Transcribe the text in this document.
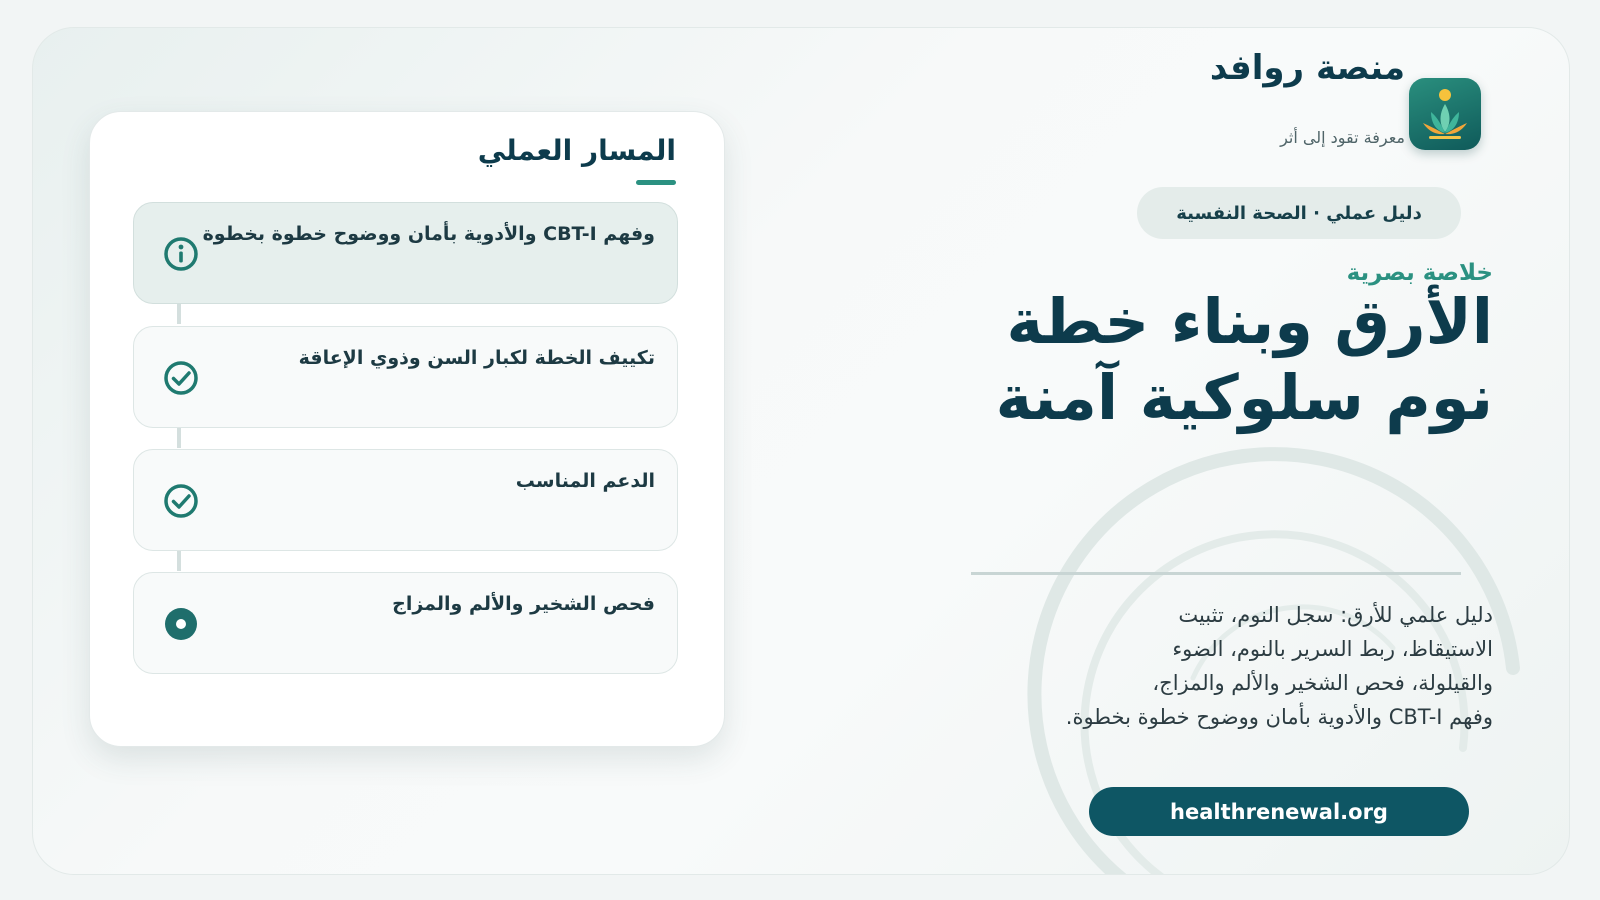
المسار العملي
وفهم CBT-I والأدوية بأمان ووضوح خطوة بخطوة
تكييف الخطة لكبار السن وذوي الإعاقة
الدعم المناسب
فحص الشخير والألم والمزاج
منصة روافد
معرفة تقود إلى أثر
دليل عملي · الصحة النفسية
خلاصة بصرية
الأرق وبناء خطة
نوم سلوكية آمنة

دليل علمي للأرق: سجل النوم، تثبيت
الاستيقاظ، ربط السرير بالنوم، الضوء
والقيلولة، فحص الشخير والألم والمزاج،
وفهم CBT-I والأدوية بأمان ووضوح خطوة بخطوة.

healthrenewal.org
